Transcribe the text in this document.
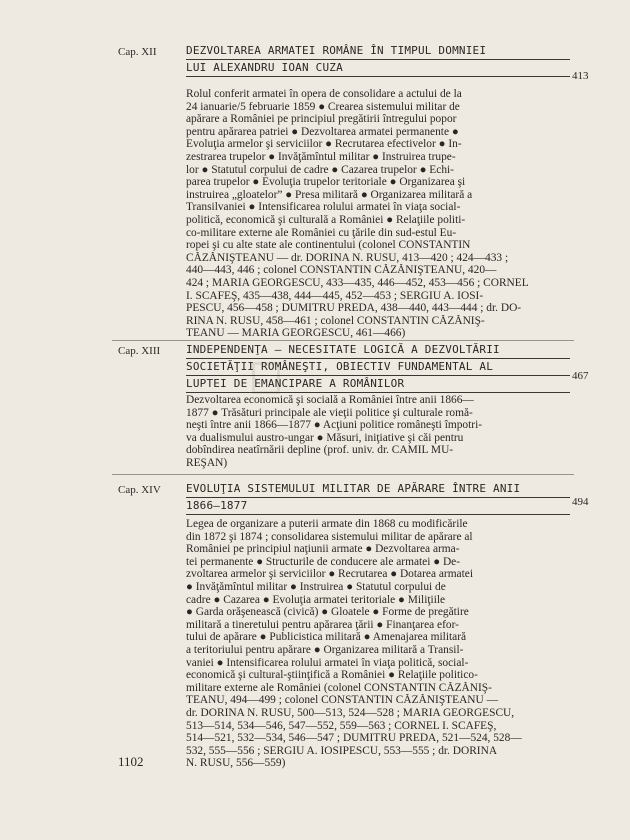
Cap. XII	DEZVOLTAREA ARMATEI ROMÂNE ÎN TIMPUL DOMNIEI
LUI ALEXANDRU IOAN CUZA
413
Rolul conferit armatei în opera de consolidare a actului de la
24 ianuarie/5 februarie 1859 ● Crearea sistemului militar de
apărare a României pe principiul pregătirii întregului popor
pentru apărarea patriei ● Dezvoltarea armatei permanente ●
Evoluţia armelor şi serviciilor ● Recrutarea efectivelor ● In-
zestrarea trupelor ● Invăţămîntul militar ● Instruirea trupe-
lor ● Statutul corpului de cadre ● Cazarea trupelor ● Echi-
parea trupelor ● Evoluţia trupelor teritoriale ● Organizarea şi
instruirea „gloatelor” ● Presa militară ● Organizarea militară a
Transilvaniei ● Intensificarea rolului armatei în viaţa social-
politică, economică şi culturală a României ● Relaţiile politi-
co-militare externe ale României cu ţările din sud-estul Eu-
ropei şi cu alte state ale continentului (colonel CONSTANTIN
CĂZĂNIŞTEANU — dr. DORINA N. RUSU, 413—420 ; 424—433 ;
440—443, 446 ; colonel CONSTANTIN CĂZĂNIŞTEANU, 420—
424 ; MARIA GEORGESCU, 433—435, 446—452, 453—456 ; CORNEL
I. SCAFEŞ, 435—438, 444—445, 452—453 ; SERGIU A. IOSI-
PESCU, 456—458 ; DUMITRU PREDA, 438—440, 443—444 ; dr. DO-
RINA N. RUSU, 458—461 ; colonel CONSTANTIN CĂZĂNIŞ-
TEANU — MARIA GEORGESCU, 461—466)
Cap. XIII INDEPENDENŢA — NECESITATE LOGICĂ A DEZVOLTĂRII
SOCIETĂŢII ROMÂNEŞTI, OBIECTIV FUNDAMENTAL AL
LUPTEI DE EMANCIPARE A ROMÂNILOR
467
Dezvoltarea economică şi socială a României între anii 1866—
1877 ● Trăsături principale ale vieţii politice şi culturale romă-
neşti între anii 1866—1877 ● Acţiuni politice româneşti împotri-
va dualismului austro-ungar ● Măsuri, iniţiative şi căi pentru
dobîndirea neatîrnării depline (prof. univ. dr. CAMIL MU-
REŞAN)
Cap. XIV EVOLUŢIA SISTEMULUI MILITAR DE APĂRARE ÎNTRE ANII
1866—1877	494
Legea de organizare a puterii armate din 1868 cu modificările
din 1872 şi 1874 ; consolidarea sistemului militar de apărare al
României pe principiul naţiunii armate ● Dezvoltarea arma-
tei permanente ● Structurile de conducere ale armatei ● De-
zvoltarea armelor şi serviciilor ● Recrutarea ● Dotarea armatei
● Invăţămîntul militar ● Instruirea ● Statutul corpului de
cadre ● Cazarea ● Evoluţia armatei teritoriale ● Miliţiile
● Garda orăşenească (civică) ● Gloatele ● Forme de pregătire
militară a tineretului pentru apărarea ţării ● Finanţarea efor-
tului de apărare ● Publicistica militară ● Amenajarea militară
a teritoriului pentru apărare ● Organizarea militară a Transil-
vaniei ● Intensificarea rolului armatei în viaţa politică, social-
economică şi cultural-ştiinţifică a României ● Relaţiile politico-
militare externe ale României (colonel CONSTANTIN CĂZĂNIŞ-
TEANU, 494—499 ; colonel CONSTANTIN CĂZĂNIŞTEANU —
dr. DORINA N. RUSU, 500—513, 524—528 ; MARIA GEORGESCU,
513—514, 534—546, 547—552, 559—563 ; CORNEL I. SCAFEŞ,
514—521, 532—534, 546—547 ; DUMITRU PREDA, 521—524, 528—
532, 555—556 ; SERGIU A. IOSIPESCU, 553—555 ; dr. DORINA
N. RUSU, 556—559)
1102
